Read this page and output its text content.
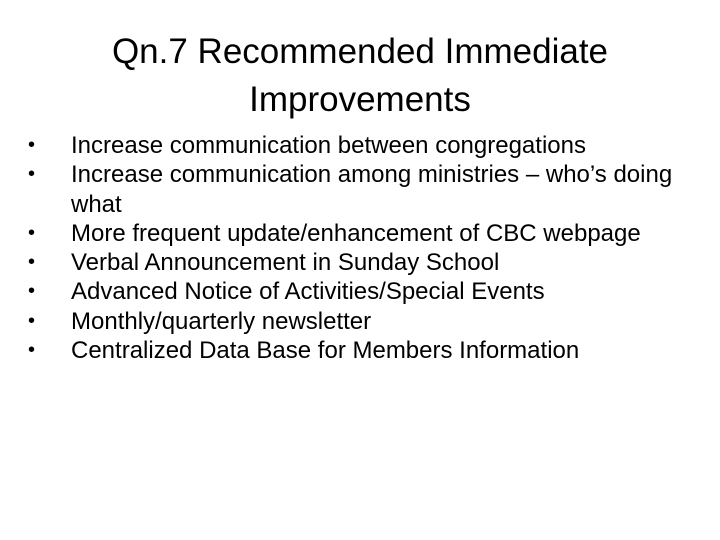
Qn.7 Recommended Immediate
Improvements
•	Increase communication between congregations
•	Increase communication among ministries – who’s doing what
•	More frequent update/enhancement of CBC webpage
•	Verbal Announcement in Sunday School
•	Advanced Notice of Activities/Special Events
•	Monthly/quarterly newsletter
•	Centralized Data Base for Members Information
